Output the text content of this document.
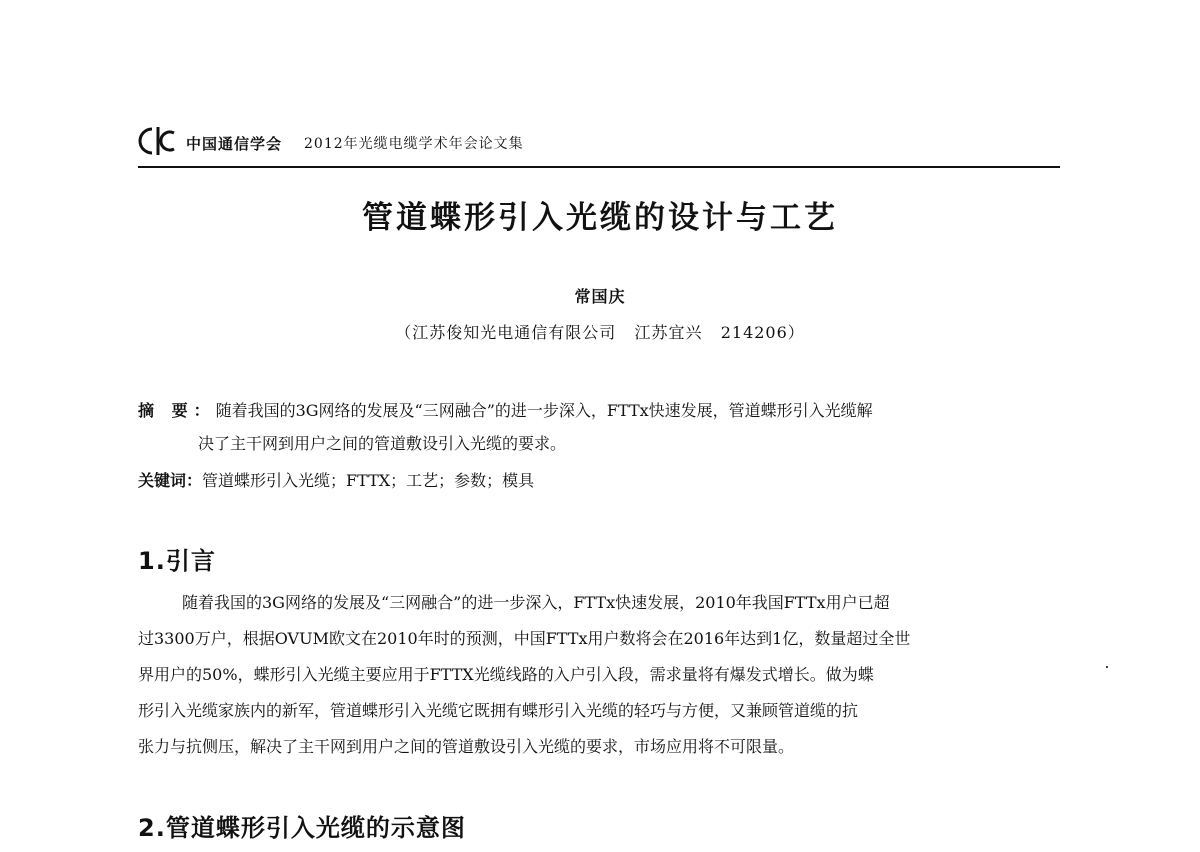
中国通信学会 2012年光缆电缆学术年会论文集
管道蝶形引入光缆的设计与工艺
常国庆
（江苏俊知光电通信有限公司   江苏宜兴   214206）
摘 要：随着我国的3G网络的发展及“三网融合”的进一步深入，FTTx快速发展，管道蝶形引入光缆解
决了主干网到用户之间的管道敷设引入光缆的要求。
关键词：管道蝶形引入光缆；FTTX；工艺；参数；模具
1.引言
随着我国的3G网络的发展及“三网融合”的进一步深入，FTTx快速发展，2010年我国FTTx用户已超
过3300万户，根据OVUM欧文在2010年时的预测，中国FTTx用户数将会在2016年达到1亿，数量超过全世
界用户的50%，蝶形引入光缆主要应用于FTTX光缆线路的入户引入段，需求量将有爆发式增长。做为蝶
形引入光缆家族内的新军，管道蝶形引入光缆它既拥有蝶形引入光缆的轻巧与方便，又兼顾管道缆的抗
张力与抗侧压，解决了主干网到用户之间的管道敷设引入光缆的要求，市场应用将不可限量。
2.管道蝶形引入光缆的示意图
